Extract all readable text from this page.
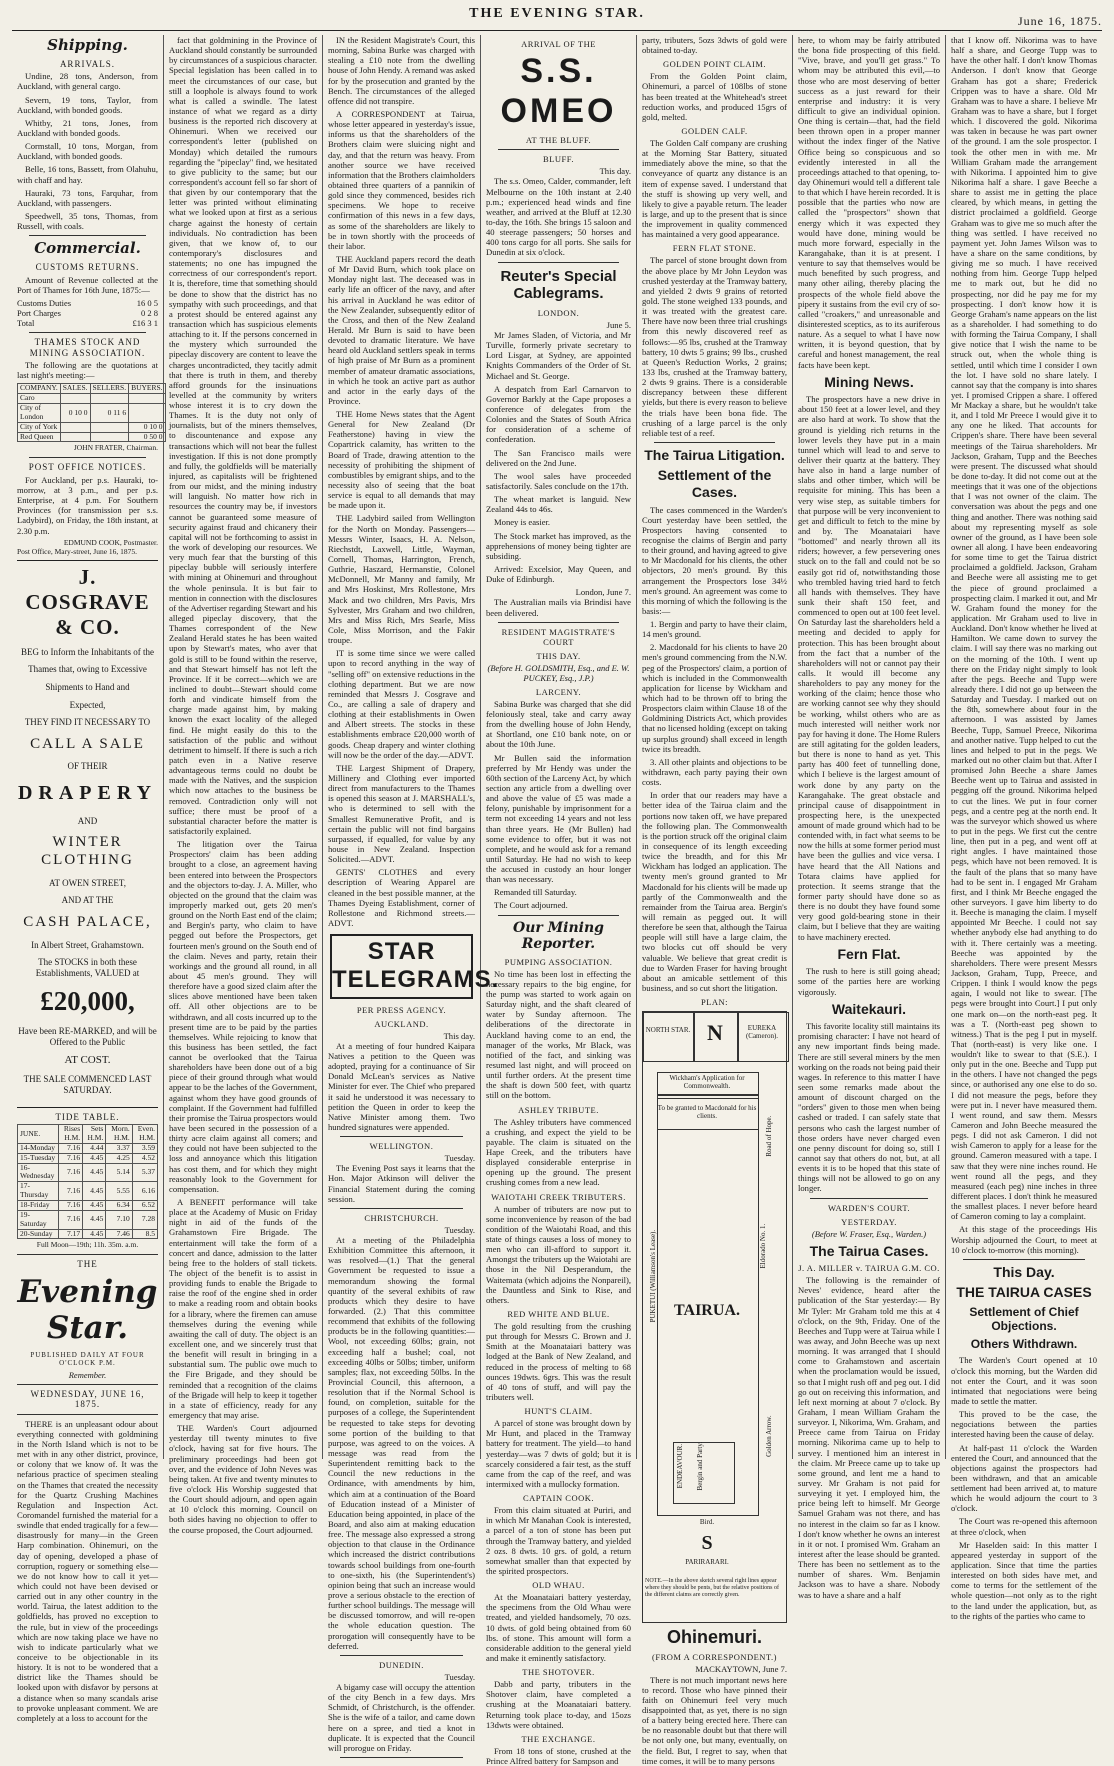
THE EVENING STAR.	June 16, 1875.
Shipping.
ARRIVALS.

Undine, 28 tons, Anderson, from Auckland, with general cargo.

Severn, 19 tons, Taylor, from Auckland, with bonded goods.

Whitby, 21 tons, Jones, from Auckland with bonded goods.

Cormstall, 10 tons, Morgan, from Auckland, with bonded goods.

Belle, 16 tons, Bassett, from Olahuhu, with chaff and hay.

Hauraki, 73 tons, Farquhar, from Auckland, with passengers.

Speedwell, 35 tons, Thomas, from Russell, with coals.

Commercial.
CUSTOMS RETURNS.

Amount of Revenue collected at the Port of Thames for 16th June, 1875:—

Customs Duties	16 0 5
Port Charges	0 2 8
Total	£16 3 1
THAMES STOCK AND MINING ASSOCIATION.

The following are the quotations at last night's meeting:—

COMPANY.	SALES.	SELLERS.	BUYERS.
Caro			
City of London	0 10 0	0 11 6	
City of York			0 10 0
Red Queen			0 50 0
JOHN FRATER, Chairman.
POST OFFICE NOTICES.

For Auckland, per p.s. Hauraki, to-morrow, at 3 p.m., and per p.s. Enterprise, at 4 p.m. For Southern Provinces (for transmission per s.s. Ladybird), on Friday, the 18th instant, at 2.30 p.m.

EDMUND COOK, Postmaster.
Post Office, Mary-street, June 16, 1875.
J. COSGRAVE & CO.
BEG to Inform the Inhabitants of the
Thames that, owing to Excessive
Shipments to Hand and
Expected,
THEY FIND IT NECESSARY TO
CALL A SALE
OF THEIR
DRAPERY
AND
WINTER CLOTHING
AT OWEN STREET,
AND AT THE
CASH PALACE,
In Albert Street, Grahamstown.
The STOCKS in both these Establishments, VALUED at
£20,000,
Have been RE-MARKED, and will be Offered to the Public
AT COST.
THE SALE COMMENCED LAST SATURDAY.
TIDE TABLE.
JUNE.	Rises H.M.	Sets H.M.	Morn. H.M.	Even. H.M.
14-Monday	7.16	4.44	3.37	3.59
15-Tuesday	7.16	4.45	4.25	4.52
16-Wednesday	7.16	4.45	5.14	5.37
17-Thursday	7.16	4.45	5.55	6.16
18-Friday	7.16	4.45	6.34	6.52
19-Saturday	7.16	4.45	7.10	7.28
20-Sunday	7.17	4.45	7.46	8.5
Full Moon—19th; 11h. 35m. a.m.
THE
Evening Star.
PUBLISHED DAILY AT FOUR O'CLOCK P.M.
Remember.
WEDNESDAY, JUNE 16, 1875.

THERE is an unpleasant odour about everything connected with goldmining in the North Island which is not to be met with in any other district, province, or colony that we know of. It was the nefarious practice of specimen stealing on the Thames that created the necessity for the Quartz Crushing Machines Regulation and Inspection Act. Coromandel furnished the material for a swindle that ended tragically for a few—disastrously for many—in the Green Harp combination. Ohinemuri, on the day of opening, developed a phase of corruption, roguery or something else—we do not know how to call it yet—which could not have been devised or carried out in any other country in the world. Tairua, the latest addition to the goldfields, has proved no exception to the rule, but in view of the proceedings which are now taking place we have no wish to indicate particularly what we conceive to be objectionable in its history. It is not to be wondered that a district like the Thames should be looked upon with disfavor by persons at a distance when so many scandals arise to provoke unpleasant comment. We are completely at a loss to account for the

fact that goldmining in the Province of Auckland should constantly be surrounded by circumstances of a suspicious character. Special legislation has been called in to meet the circumstances of our case, but still a loophole is always found to work what is called a swindle. The latest instance of what we regard as a dirty business is the reported rich discovery at Ohinemuri. When we received our correspondent's letter (published on Monday) which detailed the rumours regarding the "pipeclay" find, we hesitated to give publicity to the same; but our correspondent's account fell so far short of that given by our contemporary that the letter was printed without eliminating what we looked upon at first as a serious charge against the honesty of certain individuals. No contradiction has been given, that we know of, to our contemporary's disclosures and statements; no one has impugned the correctness of our correspondent's report. It is, therefore, time that something should be done to show that the district has no sympathy with such proceedings, and that a protest should be entered against any transaction which has suspicious elements attaching to it. If the persons concerned in the mystery which surrounded the pipeclay discovery are content to leave the charges uncontradicted, they tacitly admit that there is truth in them, and thereby afford grounds for the insinuations levelled at the community by writers whose interest it is to cry down the Thames. It is the duty not only of journalists, but of the miners themselves, to discountenance and expose any transactions which will not bear the fullest investigation. If this is not done promptly and fully, the goldfields will be materially injured, as capitalists will be frightened from our midst, and the mining industry will languish. No matter how rich in resources the country may be, if investors cannot be guaranteed some measure of security against fraud and chicanery their capital will not be forthcoming to assist in the work of developing our resources. We very much fear that the bursting of this pipeclay bubble will seriously interfere with mining at Ohinemuri and throughout the whole peninsula. It is but fair to mention in connection with the disclosures of the Advertiser regarding Stewart and his alleged pipeclay discovery, that the Thames correspondent of the New Zealand Herald states he has been waited upon by Stewart's mates, who aver that gold is still to be found within the reserve, and that Stewart himself has not left the Province. If it be correct—which we are inclined to doubt—Stewart should come forth and vindicate himself from the charge made against him, by making known the exact locality of the alleged find. He might easily do this to the satisfaction of the public and without detriment to himself. If there is such a rich patch even in a Native reserve advantageous terms could no doubt be made with the Natives, and the suspicion which now attaches to the business be removed. Contradiction only will not suffice; there must be proof of a substantial character before the matter is satisfactorily explained.

The litigation over the Tairua Prospectors' claim has been adding brought to a close, an agreement having been entered into between the Prospectors and the objectors to-day. J. A. Miller, who objected on the ground that the claim was improperly marked out, gets 20 men's ground on the North East end of the claim; and Bergin's party, who claim to have pegged out before the Prospectors, get fourteen men's ground on the South end of the claim. Neves and party, retain their workings and the ground all round, in all about 45 men's ground. They will therefore have a good sized claim after the slices above mentioned have been taken off. All other objections are to be withdrawn, and all costs incurred up to the present time are to be paid by the parties themselves. While rejoicing to know that this business has been settled, the fact cannot be overlooked that the Tairua shareholders have been done out of a big piece of their ground through what would appear to be the laches of the Government, against whom they have good grounds of complaint. If the Government had fulfilled their promise the Tairua prospectors would have been secured in the possession of a thirty acre claim against all comers; and they could not have been subjected to the loss and annoyance which this litigation has cost them, and for which they might reasonably look to the Government for compensation.

A BENEFIT performance will take place at the Academy of Music on Friday night in aid of the funds of the Grahamstown Fire Brigade. The entertainment will take the form of a concert and dance, admission to the latter being free to the holders of stall tickets. The object of the benefit is to assist in providing funds to enable the Brigade to raise the roof of the engine shed in order to make a reading room and obtain books for a library, where the firemen can amuse themselves during the evening while awaiting the call of duty. The object is an excellent one, and we sincerely trust that the benefit will result in bringing in a substantial sum. The public owe much to the Fire Brigade, and they should be reminded that a recognition of the claims of the Brigade will help to keep it together in a state of efficiency, ready for any emergency that may arise.

THE Warden's Court adjourned yesterday till twenty minutes to five o'clock, having sat for five hours. The preliminary proceedings had been got over, and the evidence of John Neves was being taken. At five and twenty minutes to five o'clock His Worship suggested that the Court should adjourn, and open again at 10 o'clock this morning. Council on both sides having no objection to offer to the course proposed, the Court adjourned.

IN the Resident Magistrate's Court, this morning, Sabina Burke was charged with stealing a £10 note from the dwelling house of John Hendy. A remand was asked for by the prosecution and granted by the Bench. The circumstances of the alleged offence did not transpire.

A CORRESPONDENT at Tairua, whose letter appeared in yesterday's issue, informs us that the shareholders of the Brothers claim were sluicing night and day, and that the return was heavy. From another source we have received information that the Brothers claimholders obtained three quarters of a pannikin of gold since they commenced, besides rich specimens. We hope to receive confirmation of this news in a few days, as some of the shareholders are likely to be in town shortly with the proceeds of their labor.

THE Auckland papers record the death of Mr David Burn, which took place on Monday night last. The deceased was in early life an officer of the navy, and after his arrival in Auckland he was editor of the New Zealander, subsequently editor of the Cross, and then of the New Zealand Herald. Mr Burn is said to have been devoted to dramatic literature. We have heard old Auckland settlers speak in terms of high praise of Mr Burn as a prominent member of amateur dramatic associations, in which he took an active part as author and actor in the early days of the Province.

THE Home News states that the Agent General for New Zealand (Dr Featherstone) having in view the Copartrick calamity, has written to the Board of Trade, drawing attention to the necessity of prohibiting the shipment of combustibles by emigrant ships, and to the necessity also of seeing that the boat service is equal to all demands that may be made upon it.

THE Ladybird sailed from Wellington for the North on Monday. Passengers—Messrs Winter, Isaacs, H. A. Nelson, Riechstdt, Laxwell, Little, Wayman, Cornell, Thomas, Harrington, French, Guthrie, Haszard, Hermanstie, Colonel McDonnell, Mr Manny and family, Mr and Mrs Hoskinst, Mrs Rollestone, Mrs Mack and two children, Mrs Pavis, Mrs Sylvester, Mrs Graham and two children, Mrs and Miss Rich, Mrs Searle, Miss Cole, Miss Morrison, and the Fakir troupe.

IT is some time since we were called upon to record anything in the way of "selling off" on extensive reductions in the clothing department. But we are now reminded that Messrs J. Cosgrave and Co., are calling a sale of drapery and clothing at their establishments in Owen and Albert streets. The stocks in these establishments embrace £20,000 worth of goods. Cheap drapery and winter clothing will now be the order of the day.—ADVT.

THE Largest Shipment of Drapery, Millinery and Clothing ever imported direct from manufacturers to the Thames is opened this season at J. MARSHALL's, who is determined to sell with the Smallest Remunerative Profit, and is certain the public will not find bargains surpassed, if equalled, for value by any house in New Zealand. Inspection Solicited.—ADVT.

GENTS' CLOTHES and every description of Wearing Apparel are cleaned in the best possible manner, at the Thames Dyeing Establishment, corner of Rollestone and Richmond streets.—ADVT.

STAR TELEGRAMS.
PER PRESS AGENCY.
AUCKLAND.
This day.

At a meeting of four hundred Kaipara Natives a petition to the Queen was adopted, praying for a continuance of Sir Donald McLean's services as Native Minister for ever. The Chief who prepared it said he understood it was necessary to petition the Queen in order to keep the Native Minister among them. Two hundred signatures were appended.

WELLINGTON.
Tuesday.

The Evening Post says it learns that the Hon. Major Atkinson will deliver the Financial Statement during the coming session.

CHRISTCHURCH.
Tuesday.

At a meeting of the Philadelphia Exhibition Committee this afternoon, it was resolved—(1.) That the general Government be requested to issue a memorandum showing the formal quantity of the several exhibits of raw products which they desire to have forwarded. (2.) That this committee recommend that exhibits of the following products be in the following quantities:—Wool, not exceeding 60lbs; grain, not exceeding half a bushel; coal, not exceeding 40lbs or 50lbs; timber, uniform samples; flax, not exceeding 50lbs. In the Provincial Council, this afternoon, a resolution that if the Normal School is found, on completion, suitable for the purposes of a college, the Superintendent be requested to take steps for devoting some portion of the building to that purpose, was agreed to on the voices. A message was read from the Superintendent remitting back to the Council the new reductions in the Ordinance, with amendments by him, which aim at a continuation of the Board of Education instead of a Minister of Education being appointed, in place of the Board, and also aim at making education free. The message also expressed a strong objection to that clause in the Ordinance which increased the district contributions towards school buildings from one-fourth to one-sixth, his (the Superintendent's) opinion being that such an increase would prove a serious obstacle to the erection of further school buildings. The message will be discussed tomorrow, and will re-open the whole education question. The prorogation will consequently have to be deferred.

DUNEDIN.
Tuesday.

A bigamy case will occupy the attention of the city Bench in a few days. Mrs Schmidt, of Christchurch, is the offender. She is the wife of a tailor, and came down here on a spree, and tied a knot in duplicate. It is expected that the Council will prorogue on Friday.

ARRIVAL OF THE
S.S. OMEO
AT THE BLUFF.
BLUFF.
This day.

The s.s. Omeo, Calder, commander, left Melbourne on the 10th instant at 2.40 p.m.; experienced head winds and fine weather, and arrived at the Bluff at 12.30 to-day, the 16th. She brings 15 saloon and 40 steerage passengers; 50 horses and 400 tons cargo for all ports. She sails for Dunedin at six o'clock.

Reuter's Special Cablegrams.
LONDON.
June 5.

Mr James Sladen, of Victoria, and Mr Turville, formerly private secretary to Lord Lisgar, at Sydney, are appointed Knights Commanders of the Order of St. Michael and St. George.

A despatch from Earl Carnarvon to Governor Barkly at the Cape proposes a conference of delegates from the Colonies and the States of South Africa for consideration of a scheme of confederation.

The San Francisco mails were delivered on the 2nd June.

The wool sales have proceeded satisfactorily. Sales conclude on the 17th.

The wheat market is languid. New Zealand 44s to 46s.

Money is easier.

The Stock market has improved, as the apprehensions of money being tighter are subsiding.

Arrived: Excelsior, May Queen, and Duke of Edinburgh.

London, June 7.

The Australian mails via Brindisi have been delivered.

RESIDENT MAGISTRATE'S COURT
THIS DAY.
(Before H. GOLDSMITH, Esq., and E. W. PUCKEY, Esq., J.P.)
LARCENY.

Sabina Burke was charged that she did feloniously steal, take and carry away from the dwelling house of John Hendy, at Shortland, one £10 bank note, on or about the 10th June.

Mr Bullen said the information preferred by Mr Hendy was under the 60th section of the Larceny Act, by which section any article from a dwelling over and above the value of £5 was made a felony, punishable by imprisonment for a term not exceeding 14 years and not less than three years. He (Mr Bullen) had some evidence to offer, but it was not complete, and he would ask for a remand until Saturday. He had no wish to keep the accused in custody an hour longer than was necessary.

Remanded till Saturday.

The Court adjourned.

Our Mining Reporter.
PUMPING ASSOCIATION.

No time has been lost in effecting the necessary repairs to the big engine, for the pump was started to work again on Saturday night, and the shaft cleared of water by Sunday afternoon. The deliberations of the directorate in Auckland having come to an end, the manager of the works, Mr Black, was notified of the fact, and sinking was resumed last night, and will proceed on until further orders. At the present time the shaft is down 500 feet, with quartz still on the bottom.

ASHLEY TRIBUTE.

The Ashley tributers have commenced a crushing, and expect the yield to be payable. The claim is situated on the Hape Creek, and the tributers have displayed considerable enterprise in opening up the ground. The present crushing comes from a new lead.

WAIOTAHI CREEK TRIBUTERS.

A number of tributers are now put to some inconvenience by reason of the bad condition of the Waiotahi Road, and this state of things causes a loss of money to men who can ill-afford to support it. Amongst the tributers up the Waiotahi are those in the Nil Desperandum, the Waitemata (which adjoins the Nonpareil), the Dauntless and Sink to Rise, and others.

RED WHITE AND BLUE.

The gold resulting from the crushing put through for Messrs C. Brown and J. Smith at the Moanataiari battery was lodged at the Bank of New Zealand, and reduced in the process of melting to 68 ounces 19dwts. 6grs. This was the result of 40 tons of stuff, and will pay the tributers well.

HUNT'S CLAIM.

A parcel of stone was brought down by Mr Hunt, and placed in the Tramway battery for treatment. The yield—to hand yesterday—was 7 dwts of gold; but it is scarcely considered a fair test, as the stuff came from the cap of the reef, and was intermixed with a mullocky formation.

CAPTAIN COOK.

From this claim situated at Puriri, and in which Mr Manahan Cook is interested, a parcel of a ton of stone has been put through the Tramway battery, and yielded 2 ozs. 8 dwts. 10 grs. of gold, a return somewhat smaller than that expected by the spirited prospectors.

OLD WHAU.

At the Moanataiari battery yesterday, the specimens from the Old Whau were treated, and yielded handsomely, 70 ozs. 10 dwts. of gold being obtained from 60 lbs. of stone. This amount will form a considerable addition to the general yield and make it eminently satisfactory.

THE SHOTOVER.

Dabb and party, tributers in the Shotover claim, have completed a crushing at the Moanataiari battery. Returning took place to-day, and 15ozs 13dwts were obtained.

THE EXCHANGE.

From 18 tons of stone, crushed at the Prince Alfred battery for Sampson and

party, tributers, 5ozs 3dwts of gold were obtained to-day.

GOLDEN POINT CLAIM.

From the Golden Point claim, Ohinemuri, a parcel of 108lbs of stone has been treated at the Whitehead's street reduction works, and produced 15grs of gold, melted.

GOLDEN CALF.

The Golden Calf company are crushing at the Morning Star Battery, situated immediately above the mine, so that the conveyance of quartz any distance is an item of expense saved. I understand that the stuff is showing up very well, and likely to give a payable return. The leader is large, and up to the present that is since the improvement in quality commenced has maintained a very good appearance.

FERN FLAT STONE.

The parcel of stone brought down from the above place by Mr John Leydon was crushed yesterday at the Tramway battery, and yielded 2 dwts 9 grains of retorted gold. The stone weighed 133 pounds, and it was treated with the greatest care. There have now been three trial crushings from this newly discovered reef as follows:—95 lbs, crushed at the Tramway battery, 10 dwts 5 grains; 99 lbs., crushed at Queen's Reduction Works, 2 grains; 133 lbs, crushed at the Tramway battery, 2 dwts 9 grains. There is a considerable discrepancy between these different yields, but there is every reason to believe the trials have been bona fide. The crushing of a large parcel is the only reliable test of a reef.

The Tairua Litigation.
Settlement of the Cases.

The cases commenced in the Warden's Court yesterday have been settled, the Prospectors having consented to recognise the claims of Bergin and party to their ground, and having agreed to give to Mr Macdonald for his clients, the other objectors, 20 men's ground. By this arrangement the Prospectors lose 34½ men's ground. An agreement was come to this morning of which the following is the basis:—

1. Bergin and party to have their claim, 14 men's ground.

2. Macdonald for his clients to have 20 men's ground commencing from the N.W. peg of the Prospectors' claim, a portion of which is included in the Commonwealth application for license by Wickham and which had to be thrown off to bring the Prospectors claim within Clause 18 of the Goldmining Districts Act, which provides that no licensed holding (except on taking up surplus ground) shall exceed in length twice its breadth.

3. All other plaints and objections to be withdrawn, each party paying their own costs.

In order that our readers may have a better idea of the Tairua claim and the portions now taken off, we have prepared the following plan. The Commonwealth is the portion struck off the original claim in consequence of its length exceeding twice the breadth, and for this Mr Wickham has lodged an application. The twenty men's ground granted to Mr Macdonald for his clients will be made up partly of the Commonwealth and the remainder from the Tairua area. Bergin's will remain as pegged out. It will therefore be seen that, although the Tairua people will still have a large claim, the two blocks cut off should be very valuable. We believe that great credit is due to Warden Fraser for having brought about an amicable settlement of this business, and so cut short the litigation.

PLAN:
NORTH STAR. N	EUREKA (Cameron).
Wickham's Application for Commonwealth.
To be granted to Macdonald for his clients.
TAIRUA.
PUKETUI (Williamson's Lease).	Eldorado No. 1.
Road of Hope.
Golden Arrow.
ENDEAVOUR. Bergin and Party.
Bird.
S
PARIRARARI.
NOTE.—In the above sketch several right lines appear where they should be pents, but the relative positions of the different claims are correctly given.
Ohinemuri.
(FROM A CORRESPONDENT.)
MACKAYTOWN, June 7.

There is not much important news here to record. Those who have pinned their faith on Ohinemuri feel very much disappointed that, as yet, there is no sign of a battery being erected here. There can be no reasonable doubt but that there will be not only one, but many, eventually, on the field. But, I regret to say, when that time comes, it will be to many persons

here, to whom may be fairly attributed the bona fide prospecting of this field. "Vive, brave, and you'll get grass." To whom may be attributed this evil,—to those who are most deserving of better success as a just reward for their enterprise and industry: it is very difficult to give an individual opinion. One thing is certain—that, had the field been thrown open in a proper manner without the index finger of the Native Office being so conspicuous and so evidently interested in all the proceedings attached to that opening, to-day Ohinemuri would tell a different tale to that which I have herein recorded. It is possible that the parties who now are called the "prospectors" shown that energy which it was expected they would have done, mining would be much more forward, especially in the Karangahake, than it is at present. I venture to say that themselves would be much benefited by such progress, and many other ailing, thereby placing the prospects of the whole field above the pipery it sustains from the evil cry of so-called "croakers," and unreasonable and disinterested sceptics, as to its auriferous nature. As a sequel to what I have now written, it is beyond question, that by careful and honest management, the real facts have been kept.

Mining News.

The prospectors have a new drive in about 150 feet at a lower level, and they are also hard at work. To show that the ground is yielding rich returns in the lower levels they have put in a main tunnel which will lead to and serve to deliver their quartz at the battery. They have also in hand a large number of slabs and other timber, which will be requisite for mining. This has been a very wise step, as suitable timbers for that purpose will be very inconvenient to get and difficult to fetch to the mine by and by. The Moanataiari have "bottomed" and nearly thrown all its riders; however, a few persevering ones stuck on to the fall and could not be so easily got rid of, notwithstanding those who trembled having tried hard to fetch all hands with themselves. They have sunk their shaft 150 feet, and commenced to open out at 100 feet level. On Saturday last the shareholders held a meeting and decided to apply for protection. This has been brought about from the fact that a number of the shareholders will not or cannot pay their calls. It would ill become any shareholders to pay any money for the working of the claim; hence those who are working cannot see why they should be working, whilst others who are as much interested will neither work nor pay for having it done. The Home Rulers are still agitating for the golden leaders, but there is none to hand as yet. This party has 400 feet of tunnelling done, which I believe is the largest amount of work done by any party on the Karangahake. The great obstacle and principal cause of disappointment in prospecting here, is the unexpected amount of made ground which had to be contended with, in fact what seems to be now the hills at some former period must have been the gullies and vice versa. I have heard that the All Nations and Totara claims have applied for protection. It seems strange that the former party should have done so as there is no doubt they have found some very good gold-bearing stone in their claim, but I believe that they are waiting to have machinery erected.

Fern Flat.

The rush to here is still going ahead; some of the parties here are working vigorously.

Waitekauri.

This favorite locality still maintains its promising character: I have not heard of any new important finds being made. There are still several miners by the men working on the roads not being paid their wages. In reference to this matter I have seen some remarks made about the amount of discount charged on the "orders" given to those men when being cashed or traded. I can safely state that persons who cash the largest number of those orders have never charged even one penny discount for doing so, still I cannot say that others do not, but, at all events it is to be hoped that this state of things will not be allowed to go on any longer.

WARDEN'S COURT.
YESTERDAY.
(Before W. Fraser, Esq., Warden.)
The Tairua Cases.
J. A. MILLER v. TAIRUA G.M. CO.

The following is the remainder of Neves' evidence, heard after the publication of the Star yesterday:— By Mr Tyler: Mr Graham told me this at 4 o'clock, on the 9th, Friday. One of the Beeches and Tupp were at Tairua while I was away, and John Beeche was up next morning. It was arranged that I should come to Grahamstown and ascertain when the proclamation would be issued, so that I might rush off and peg out. I did go out on receiving this information, and left next morning at about 7 o'clock. By Graham, I mean William Graham the surveyor. I, Nikorima, Wm. Graham, and Preece came from Tairua on Friday morning. Nikorima came up to help to survey. I mentioned him an interest in the claim. Mr Preece came up to take up some ground, and lent me a hand to survey. Mr Graham is not paid for surveying it yet. I employed him, the price being left to himself. Mr George Samuel Graham was not there, and has no interest in the claim so far as I know. I don't know whether he owns an interest in it or not. I promised Wm. Graham an interest after the lease should be granted. There has been no settlement as to the number of shares. Wm. Benjamin Jackson was to have a share. Nobody was to have a share and a half

that I know off. Nikorima was to have half a share, and George Tupp was to have the other half. I don't know Thomas Anderson. I don't know that George Graham has got a share; Frederick Crippen was to have a share. Old Mr Graham was to have a share. I believe Mr Graham was to have a share, but I forget which. I discovered the gold. Nikorima was taken in because he was part owner of the ground. I am the sole prospector. I took the other men in with me. Mr William Graham made the arrangement with Nikorima. I appointed him to give Nikorima half a share. I gave Beeche a share to assist me in getting the place cleared, by which means, in getting the district proclaimed a goldfield. George Graham was to give me so much after the thing was settled. I have received no payment yet. John James Wilson was to have a share on the same conditions, by giving me so much. I have received nothing from him. George Tupp helped me to mark out, but he did no prospecting, nor did he pay me for my prospecting. I don't know how it is George Graham's name appears on the list as a shareholder. I had something to do with forming the Tairua Company, I shall give notice that I wish the name to be struck out, when the whole thing is settled, until which time I consider I own the lot. I have sold no share lately. I cannot say that the company is into shares yet. I promised Crippen a share. I offered Mr Mackay a share, but he wouldn't take it, and I told Mr Preece I would give it to any one he liked. That accounts for Crippen's share. There have been several meetings of the Tairua shareholders. Mr Jackson, Graham, Tupp and the Beeches were present. The discussed what should be done to-day. It did not come out at the meetings that it was one of the objections that I was not owner of the claim. The conversation was about the pegs and one thing and another. There was nothing said about my representing myself as sole owner of the ground, as I have been sole owner all along. I have been endeavoring for some time to get the Tairua district proclaimed a goldfield. Jackson, Graham and Beeche were all assisting me to get the piece of ground proclaimed a prospecting claim. I marked it out, and Mr W. Graham found the money for the application. Mr Graham used to live in Auckland. Don't know whether he lived at Hamilton. We came down to survey the claim. I will say there was no marking out on the morning of the 10th. I went up there on the Friday night simply to look after the pegs. Beeche and Tupp were already there. I did not go up between the Saturday and Tuesday. I marked out on the 8th, somewhere about four in the afternoon. I was assisted by James Beeche, Tupp, Samuel Preece, Nikorima and another native. Tupp helped to cut the lines and helped to put in the pegs. We marked out no other claim but that. After I promised John Beeche a share James Beeche went up to Tairua and assisted in pegging off the ground. Nikorima helped to cut the lines. We put in four corner pegs, and a centre peg at the north end. It was the surveyor which showed us where to put in the pegs. We first cut the centre line, then put in a peg, and went off at right angles. I have maintained those pegs, which have not been removed. It is the fault of the plans that so many have had to be sent in. I engaged Mr Graham first, and I think Mr Beeche engaged the other surveyors. I gave him liberty to do it. Beeche is managing the claim. I myself appointed Mr Beeche. I could not say whether anybody else had anything to do with it. There certainly was a meeting. Beeche was appointed by the shareholders. There were present Messrs Jackson, Graham, Tupp, Preece, and Crippen. I think I would know the pegs again, I would not like to swear. [The pegs were brought into Court.] I put only one mark on—on the north-east peg. It was a T. (North-east peg shown to witness.) That is the peg I put in myself. That (north-east) is very like one. I wouldn't like to swear to that (S.E.). I only put in the one. Beeche and Tupp put in the others. I have not changed the pegs since, or authorised any one else to do so. I did not measure the pegs, before they were put in. I never have measured them. I went round, and saw them. Messrs Cameron and John Beeche measured the pegs. I did not ask Cameron. I did not wish Cameron to apply for a lease for the ground. Cameron measured with a tape. I saw that they were nine inches round. He went round all the pegs, and they measured (each peg) nine inches in three different places. I don't think he measured the smallest places. I never before heard of Cameron coming to lay a complaint.

At this stage of the proceedings His Worship adjourned the Court, to meet at 10 o'clock to-morrow (this morning).

This Day.
THE TAIRUA CASES
Settlement of Chief Objections.
Others Withdrawn.

The Warden's Court opened at 10 o'clock this morning, but the Warden did not enter the Court, and it was soon intimated that negociations were being made to settle the matter.

This proved to be the case, the negociations between the parties interested having been the cause of delay.

At half-past 11 o'clock the Warden entered the Court, and announced that the objections against the prospectors had been withdrawn, and that an amicable settlement had been arrived at, to mature which he would adjourn the court to 3 o'clock.

The Court was re-opened this afternoon at three o'clock, when

Mr Haselden said: In this matter I appeared yesterday in support of the application. Since that time the parties interested on both sides have met, and come to terms for the settlement of the whole question—not only as to the right to the land under the application, but, as to the rights of the parties who came to
